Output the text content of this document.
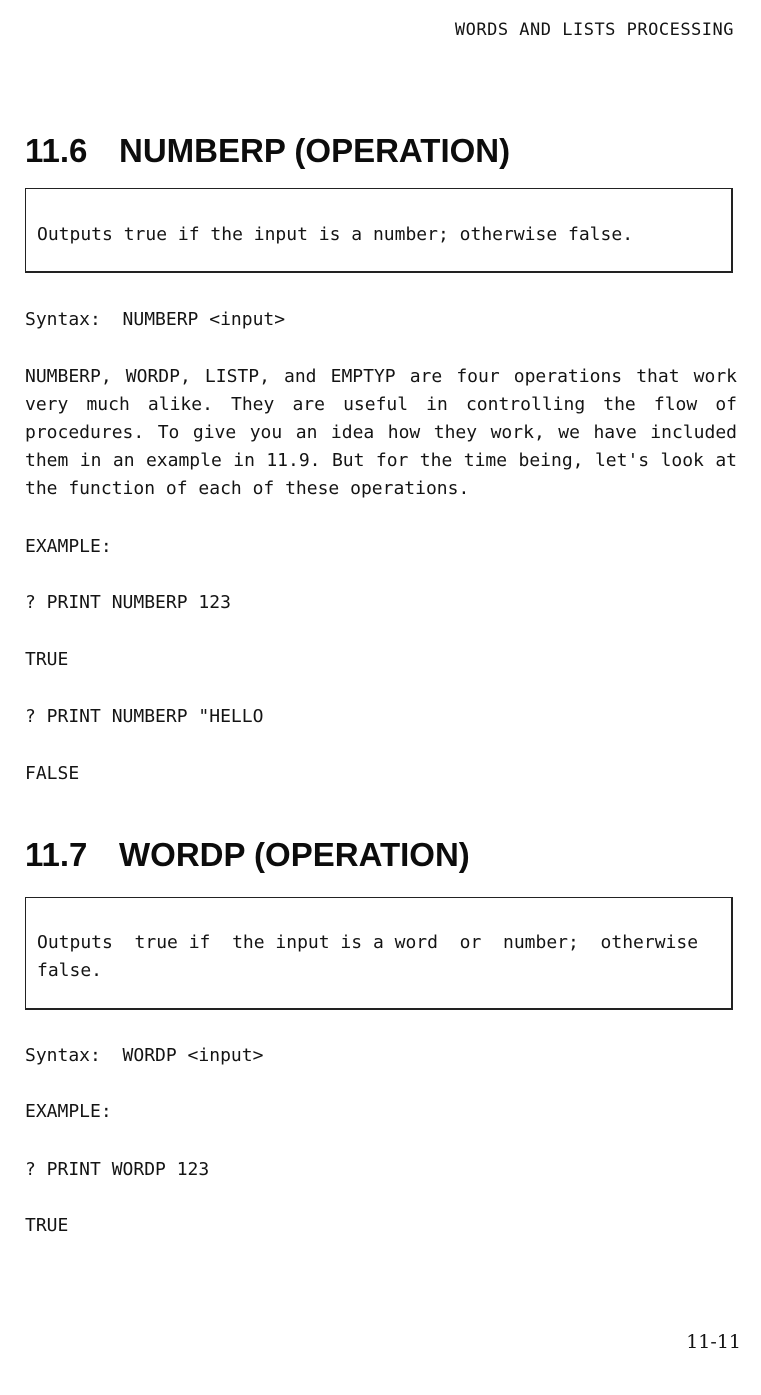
WORDS AND LISTS PROCESSING
11.6 NUMBERP (OPERATION)
Outputs true if the input is a number; otherwise false.
Syntax:  NUMBERP <input>
NUMBERP, WORDP, LISTP, and EMPTYP are four operations that work very much alike. They are useful in controlling the flow of procedures. To give you an idea how they work, we have included them in an example in 11.9. But for the time being, let's look at the function of each of these operations.
EXAMPLE:
? PRINT NUMBERP 123
TRUE
? PRINT NUMBERP "HELLO
FALSE
11.7 WORDP (OPERATION)
Outputs  true if  the input is a word  or  number;  otherwise
false.
Syntax:  WORDP <input>
EXAMPLE:
? PRINT WORDP 123
TRUE
11-11
